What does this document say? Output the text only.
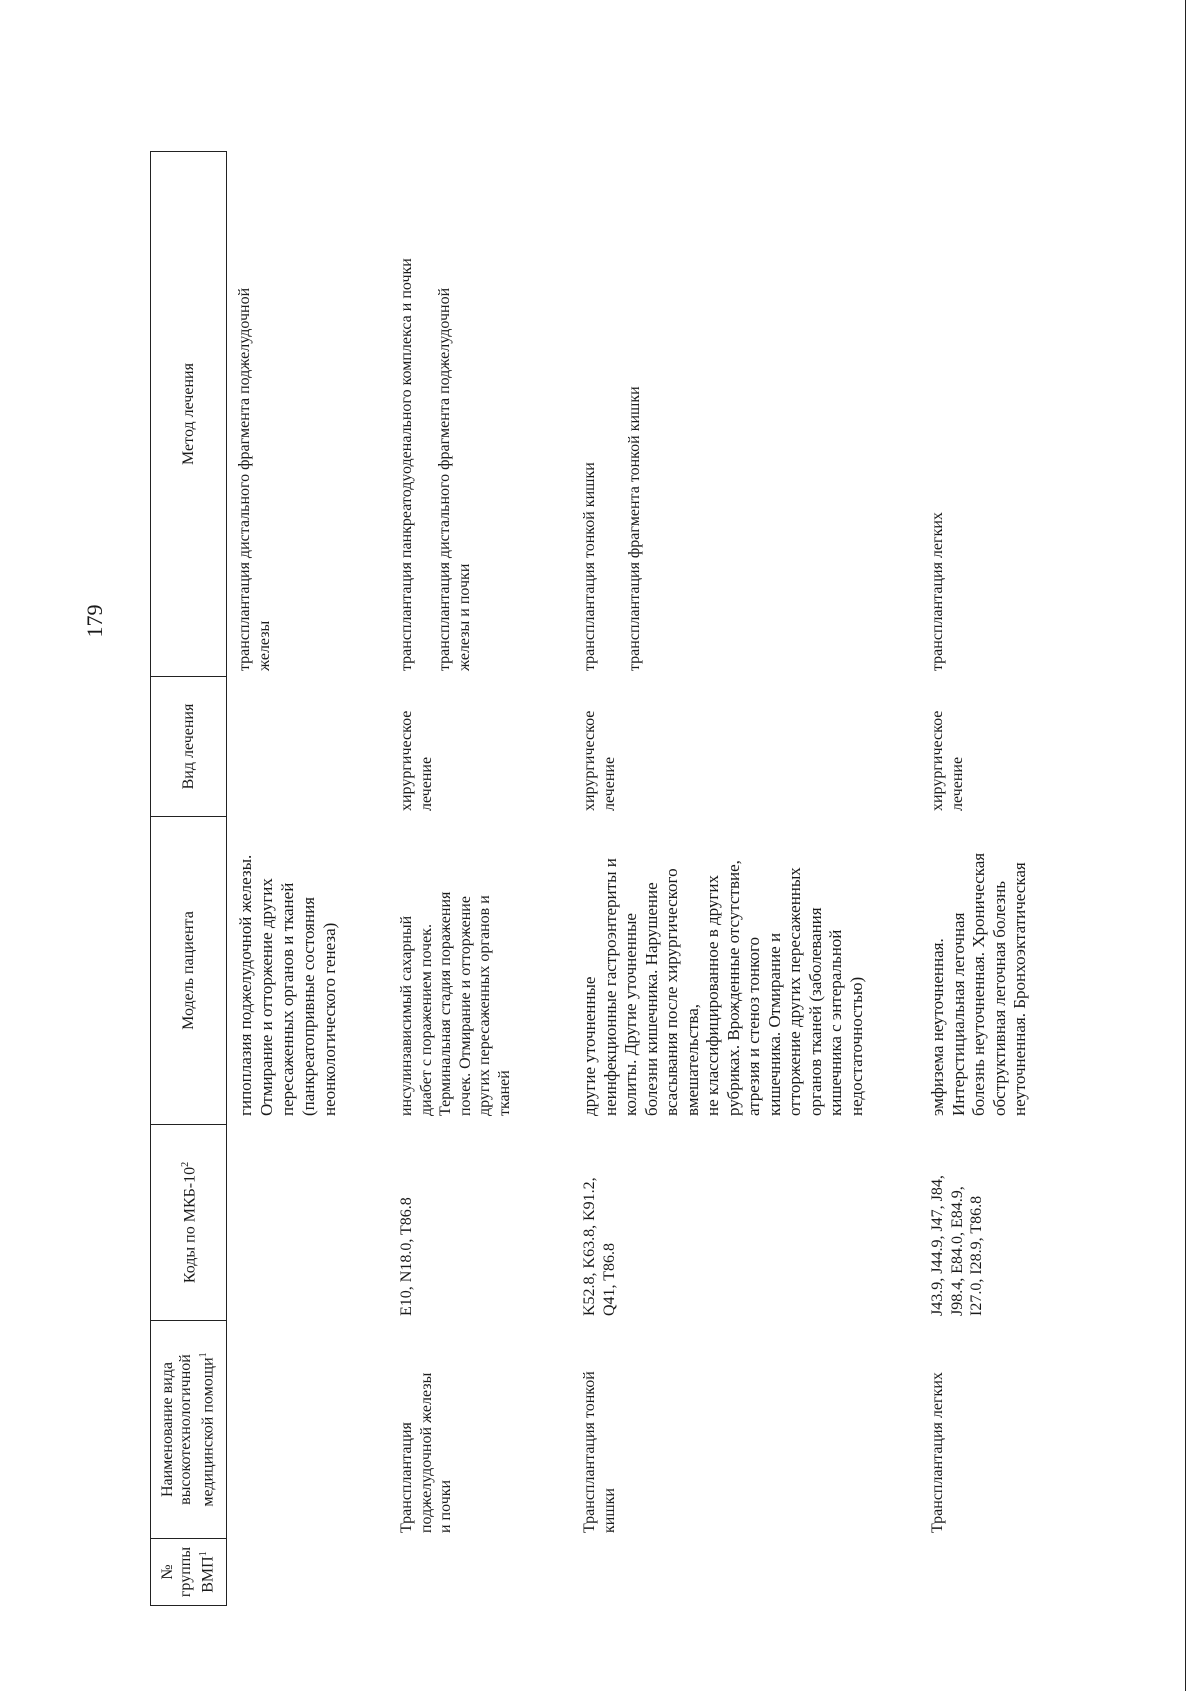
179
№
группы
ВМП$^1$
Наименование вида
высокотехнологичной
медицинской помощи$^1$
Коды по МКБ-$10^2$
Модель пациента
Вид лечения
Метод лечения
гипоплазия поджелудочной железы.
Отмирание и отторжение других
пересаженных органов и тканей
(панкреатопривные состояния
неонкологического генеза)
трансплантация дистального фрагмента поджелудочной
железы
Трансплантация
поджелудочной железы
и почки
E10, N18.0, T86.8
инсулинзависимый сахарный
диабет с поражением почек.
Терминальная стадия поражения
почек. Отмирание и отторжение
других пересаженных органов и
тканей
хирургическое
лечение
трансплантация панкреатодуоденального комплекса и почки трансплантация дистального фрагмента поджелудочной
железы и почки
Трансплантация тонкой
кишки
K52.8, K63.8, K91.2,
Q41, T86.8
другие уточненные
неинфекционные гастроэнтериты и
колиты. Другие уточненные
болезни кишечника. Нарушение
всасывания после хирургического
вмешательства,
не классифицированное в других
рубриках. Врожденные отсутствие,
атрезия и стеноз тонкого
кишечника. Отмирание и
отторжение других пересаженных
органов тканей (заболевания
кишечника с энтеральной
недостаточностью)
хирургическое
лечение
трансплантация тонкой кишки трансплантация фрагмента тонкой кишки
Трансплантация легких
J43.9, J44.9, J47, J84,
J98.4, E84.0, E84.9,
I27.0, I28.9, T86.8
эмфизема неуточненная.
Интерстициальная легочная
болезнь неуточненная. Хроническая
обструктивная легочная болезнь
неуточненная. Бронхоэктатическая
хирургическое
лечение
трансплантация легких
